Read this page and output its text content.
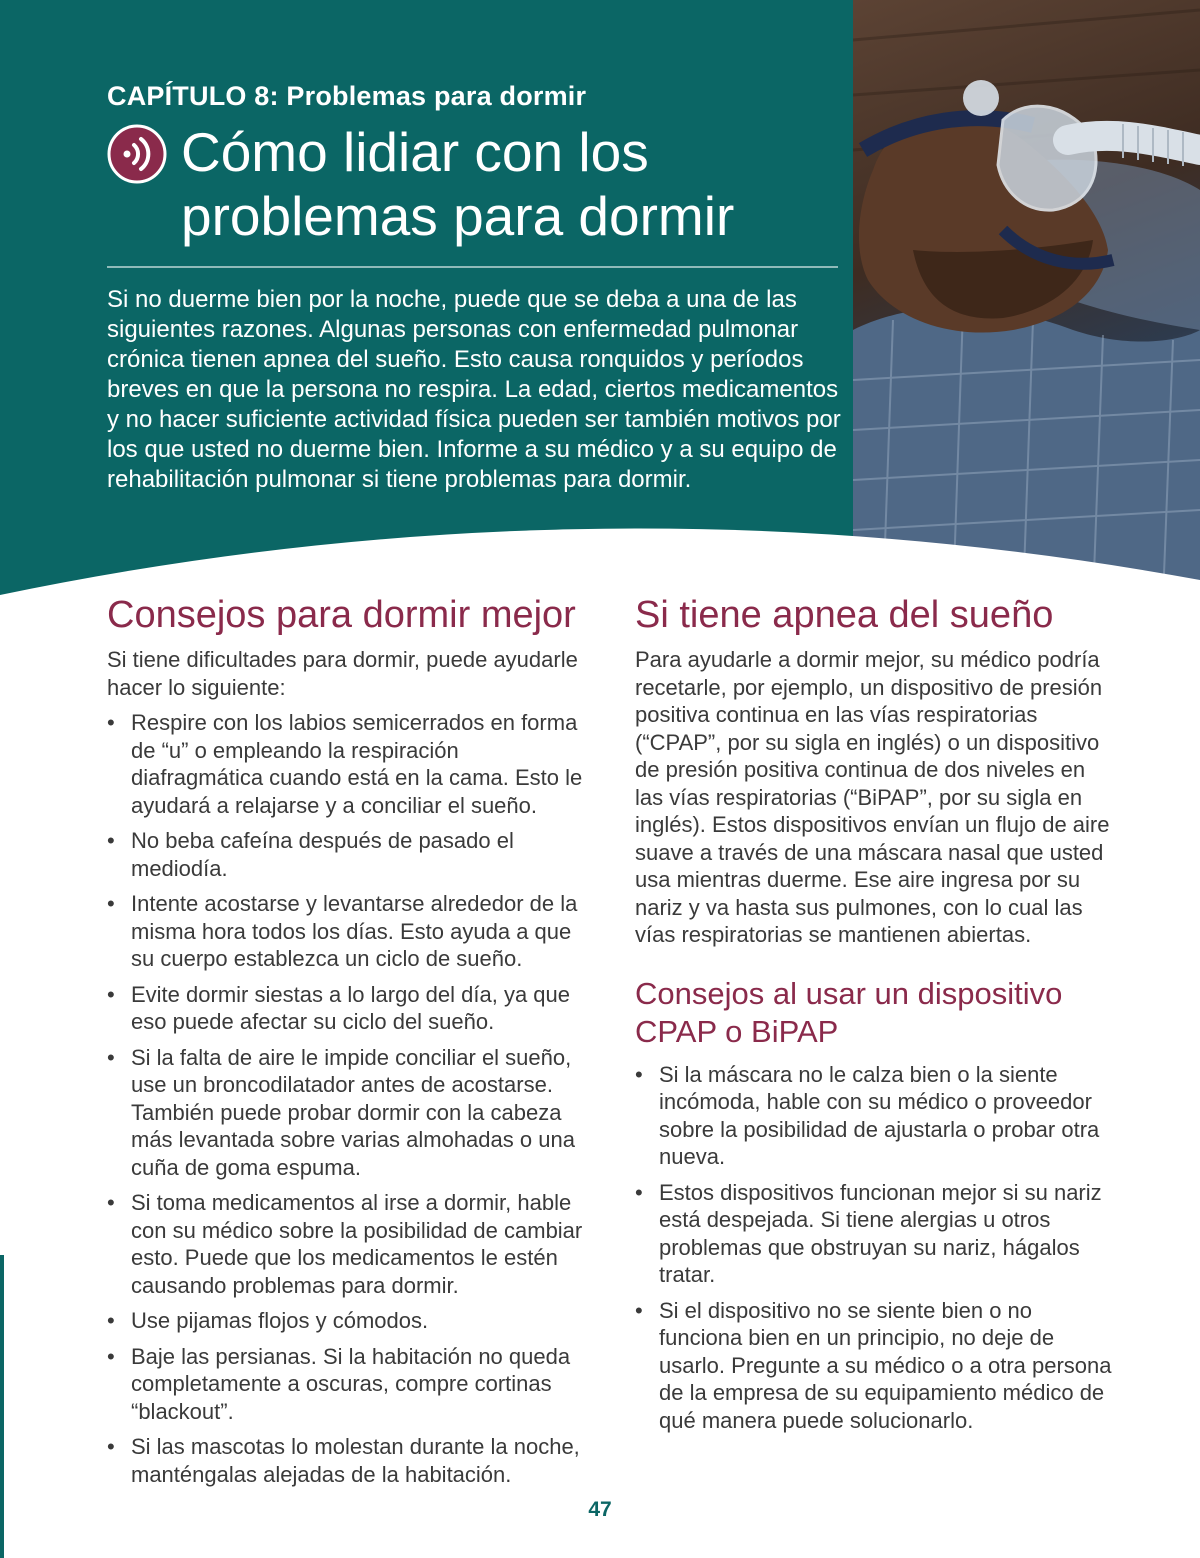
CAPÍTULO 8: Problemas para dormir
Cómo lidiar con los
problemas para dormir

Si no duerme bien por la noche, puede que se deba a una de las siguientes razones. Algunas personas con enfermedad pulmonar crónica tienen apnea del sueño. Esto causa ronquidos y períodos breves en que la persona no respira. La edad, ciertos medicamentos y no hacer suficiente actividad física pueden ser también motivos por los que usted no duerme bien. Informe a su médico y a su equipo de rehabilitación pulmonar si tiene problemas para dormir.

Consejos para dormir mejor

Si tiene dificultades para dormir, puede ayudarle hacer lo siguiente:

• Respire con los labios semicerrados en forma de “u” o empleando la respiración diafragmática cuando está en la cama. Esto le ayudará a relajarse y a conciliar el sueño.
• No beba cafeína después de pasado el mediodía.
• Intente acostarse y levantarse alrededor de la misma hora todos los días. Esto ayuda a que su cuerpo establezca un ciclo de sueño.
• Evite dormir siestas a lo largo del día, ya que eso puede afectar su ciclo del sueño.
• Si la falta de aire le impide conciliar el sueño, use un broncodilatador antes de acostarse. También puede probar dormir con la cabeza más levantada sobre varias almohadas o una cuña de goma espuma.
• Si toma medicamentos al irse a dormir, hable con su médico sobre la posibilidad de cambiar esto. Puede que los medicamentos le estén causando problemas para dormir.
• Use pijamas flojos y cómodos.
• Baje las persianas. Si la habitación no queda completamente a oscuras, compre cortinas “blackout”.
• Si las mascotas lo molestan durante la noche, manténgalas alejadas de la habitación.
Si tiene apnea del sueño

Para ayudarle a dormir mejor, su médico podría recetarle, por ejemplo, un dispositivo de presión positiva continua en las vías respiratorias (“CPAP”, por su sigla en inglés) o un dispositivo de presión positiva continua de dos niveles en las vías respiratorias (“BiPAP”, por su sigla en inglés). Estos dispositivos envían un flujo de aire suave a través de una máscara nasal que usted usa mientras duerme. Ese aire ingresa por su nariz y va hasta sus pulmones, con lo cual las vías respiratorias se mantienen abiertas.

Consejos al usar un dispositivo CPAP o BiPAP
• Si la máscara no le calza bien o la siente incómoda, hable con su médico o proveedor sobre la posibilidad de ajustarla o probar otra nueva.
• Estos dispositivos funcionan mejor si su nariz está despejada. Si tiene alergias u otros problemas que obstruyan su nariz, hágalos tratar.
• Si el dispositivo no se siente bien o no funciona bien en un principio, no deje de usarlo. Pregunte a su médico o a otra persona de la empresa de su equipamiento médico de qué manera puede solucionarlo.
47
